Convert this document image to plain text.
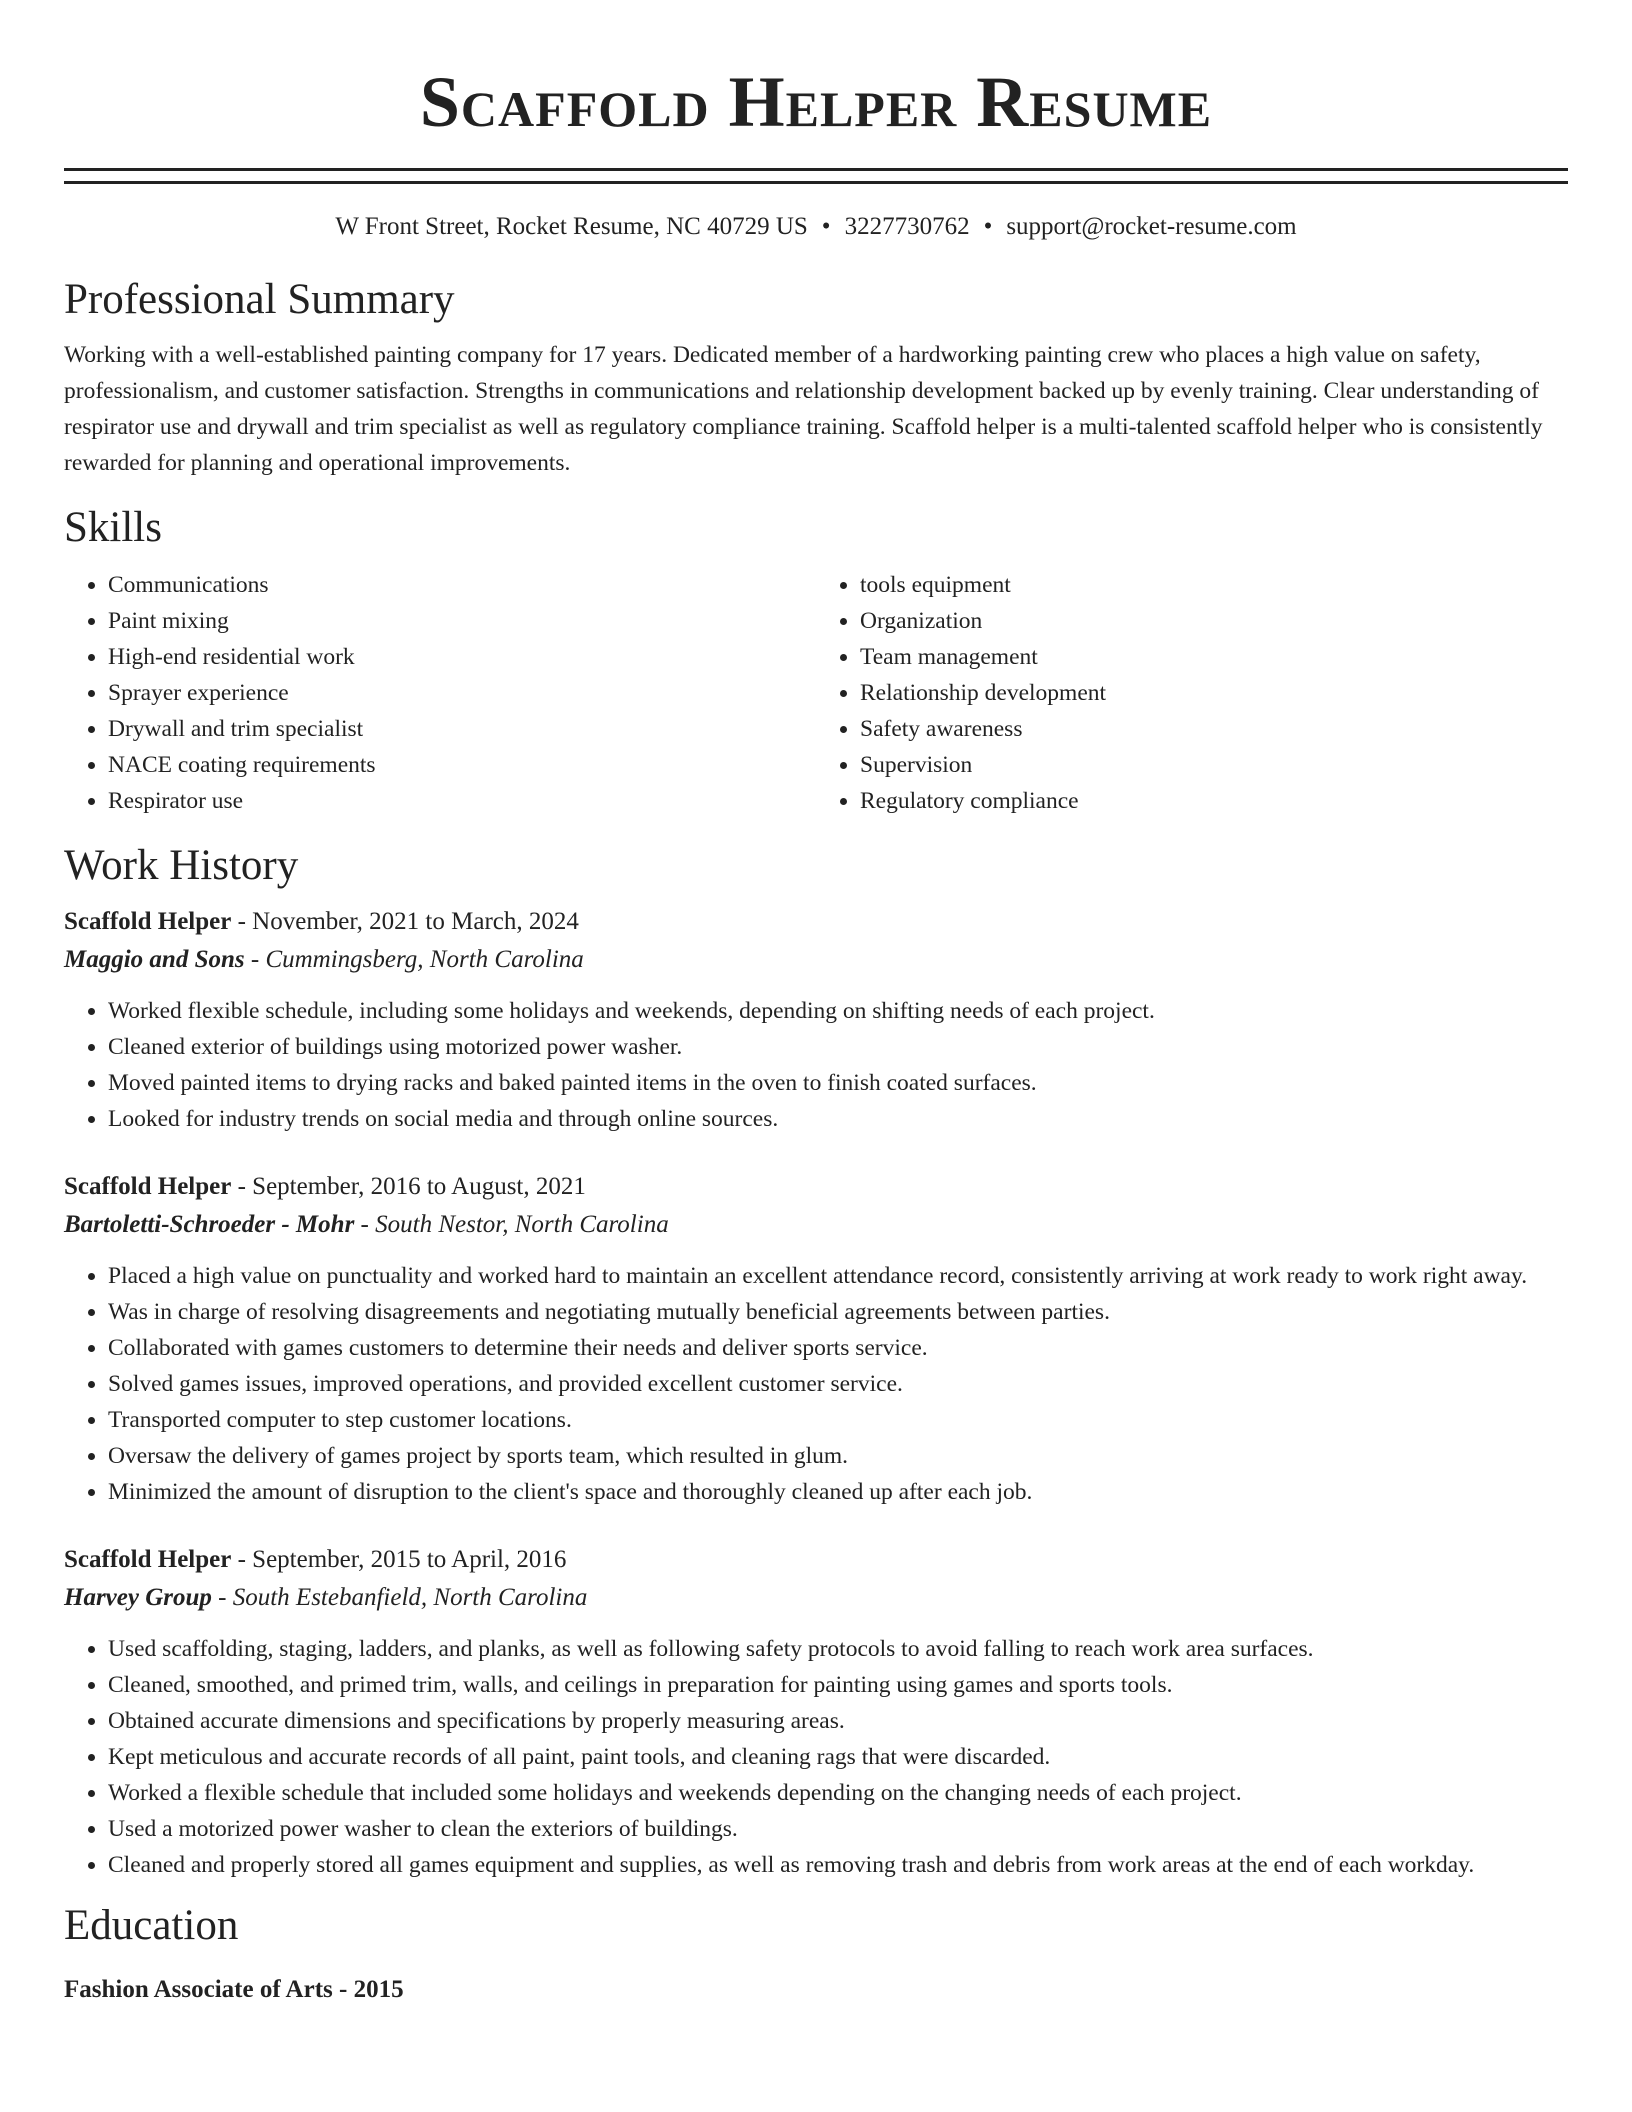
Scaffold Helper Resume
W Front Street, Rocket Resume, NC 40729 US • 3227730762 • support@rocket-resume.com
Professional Summary

Working with a well-established painting company for 17 years. Dedicated member of a hardworking painting crew who places a high value on safety, professionalism, and customer satisfaction. Strengths in communications and relationship development backed up by evenly training. Clear understanding of respirator use and drywall and trim specialist as well as regulatory compliance training. Scaffold helper is a multi-talented scaffold helper who is consistently rewarded for planning and operational improvements.

Skills
• Communications
• Paint mixing
• High-end residential work
• Sprayer experience
• Drywall and trim specialist
• NACE coating requirements
• Respirator use
• tools equipment
• Organization
• Team management
• Relationship development
• Safety awareness
• Supervision
• Regulatory compliance
Work History
Scaffold Helper - November, 2021 to March, 2024
Maggio and Sons - Cummingsberg, North Carolina
• Worked flexible schedule, including some holidays and weekends, depending on shifting needs of each project.
• Cleaned exterior of buildings using motorized power washer.
• Moved painted items to drying racks and baked painted items in the oven to finish coated surfaces.
• Looked for industry trends on social media and through online sources.
Scaffold Helper - September, 2016 to August, 2021
Bartoletti-Schroeder - Mohr - South Nestor, North Carolina
• Placed a high value on punctuality and worked hard to maintain an excellent attendance record, consistently arriving at work ready to work right away.
• Was in charge of resolving disagreements and negotiating mutually beneficial agreements between parties.
• Collaborated with games customers to determine their needs and deliver sports service.
• Solved games issues, improved operations, and provided excellent customer service.
• Transported computer to step customer locations.
• Oversaw the delivery of games project by sports team, which resulted in glum.
• Minimized the amount of disruption to the client's space and thoroughly cleaned up after each job.
Scaffold Helper - September, 2015 to April, 2016
Harvey Group - South Estebanfield, North Carolina
• Used scaffolding, staging, ladders, and planks, as well as following safety protocols to avoid falling to reach work area surfaces.
• Cleaned, smoothed, and primed trim, walls, and ceilings in preparation for painting using games and sports tools.
• Obtained accurate dimensions and specifications by properly measuring areas.
• Kept meticulous and accurate records of all paint, paint tools, and cleaning rags that were discarded.
• Worked a flexible schedule that included some holidays and weekends depending on the changing needs of each project.
• Used a motorized power washer to clean the exteriors of buildings.
• Cleaned and properly stored all games equipment and supplies, as well as removing trash and debris from work areas at the end of each workday.
Education
Fashion Associate of Arts - 2015
